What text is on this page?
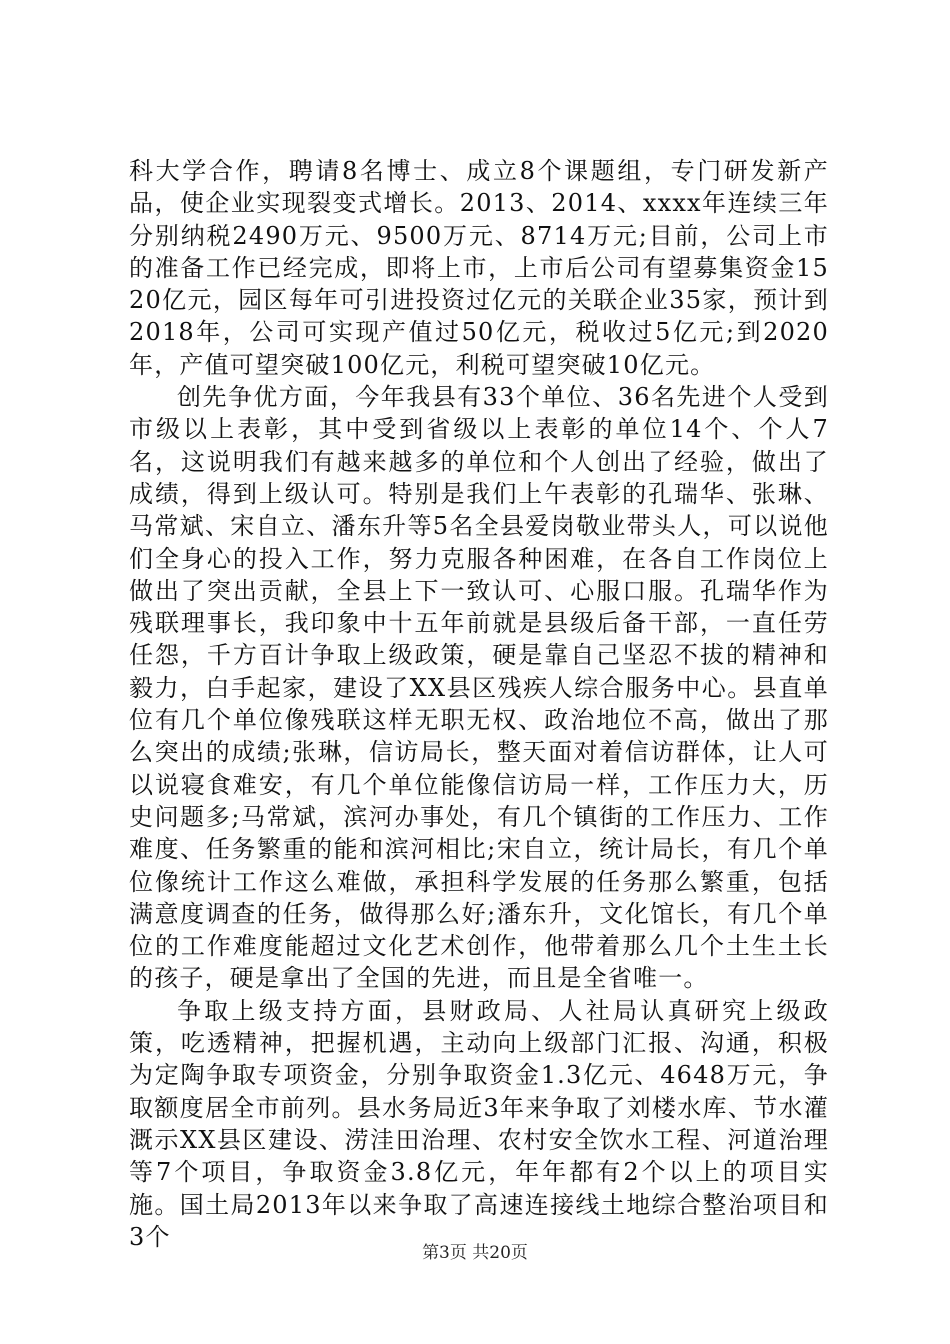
科大学合作，聘请8名博士、成立8个课题组，专门研发新产品，使企业实现裂变式增长。2013、2014、xxxx年连续三年分别纳税2490万元、9500万元、8714万元;目前，公司上市的准备工作已经完成，即将上市，上市后公司有望募集资金1520亿元，园区每年可引进投资过亿元的关联企业35家，预计到2018年，公司可实现产值过50亿元，税收过5亿元;到2020年，产值可望突破100亿元，利税可望突破10亿元。

创先争优方面，今年我县有33个单位、36名先进个人受到市级以上表彰，其中受到省级以上表彰的单位14个、个人7名，这说明我们有越来越多的单位和个人创出了经验，做出了成绩，得到上级认可。特别是我们上午表彰的孔瑞华、张琳、马常斌、宋自立、潘东升等5名全县爱岗敬业带头人，可以说他们全身心的投入工作，努力克服各种困难，在各自工作岗位上做出了突出贡献，全县上下一致认可、心服口服。孔瑞华作为残联理事长，我印象中十五年前就是县级后备干部，一直任劳任怨，千方百计争取上级政策，硬是靠自己坚忍不拔的精神和毅力，白手起家，建设了XX县区残疾人综合服务中心。县直单位有几个单位像残联这样无职无权、政治地位不高，做出了那么突出的成绩;张琳，信访局长，整天面对着信访群体，让人可以说寝食难安，有几个单位能像信访局一样，工作压力大，历史问题多;马常斌，滨河办事处，有几个镇街的工作压力、工作难度、任务繁重的能和滨河相比;宋自立，统计局长，有几个单位像统计工作这么难做，承担科学发展的任务那么繁重，包括满意度调查的任务，做得那么好;潘东升，文化馆长，有几个单位的工作难度能超过文化艺术创作，他带着那么几个土生土长的孩子，硬是拿出了全国的先进，而且是全省唯一。

争取上级支持方面，县财政局、人社局认真研究上级政策，吃透精神，把握机遇，主动向上级部门汇报、沟通，积极为定陶争取专项资金，分别争取资金1.3亿元、4648万元，争取额度居全市前列。县水务局近3年来争取了刘楼水库、节水灌溉示XX县区建设、涝洼田治理、农村安全饮水工程、河道治理等7个项目，争取资金3.8亿元，年年都有2个以上的项目实施。国土局2013年以来争取了高速连接线土地综合整治项目和3个

第3页 共20页
